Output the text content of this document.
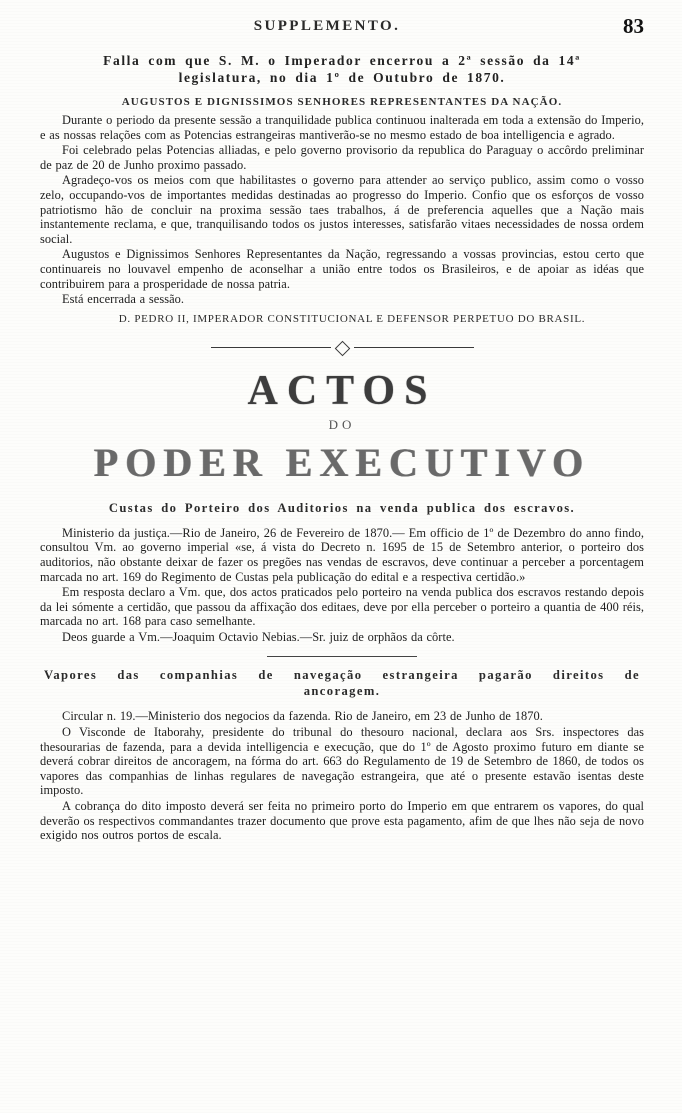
SUPPLEMENTO.	83
Falla com que S. M. o Imperador encerrou a 2ª sessão da 14ª
legislatura, no dia 1º de Outubro de 1870.
AUGUSTOS E DIGNISSIMOS SENHORES REPRESENTANTES DA NAÇÃO.

Durante o periodo da presente sessão a tranquilidade publica continuou inalterada em toda a extensão do Imperio, e as nossas relações com as Potencias estrangeiras mantiverão-se no mesmo estado de boa intelligencia e agrado.

Foi celebrado pelas Potencias alliadas, e pelo governo provisorio da republica do Paraguay o accôrdo preliminar de paz de 20 de Junho proximo passado.

Agradeço-vos os meios com que habilitastes o governo para attender ao serviço publico, assim como o vosso zelo, occupando-vos de importantes medidas destinadas ao progresso do Imperio. Confio que os esforços de vosso patriotismo hão de concluir na proxima sessão taes trabalhos, á de preferencia aquelles que a Nação mais instantemente reclama, e que, tranquilisando todos os justos interesses, satisfarão vitaes necessidades de nossa ordem social.

Augustos e Dignissimos Senhores Representantes da Nação, regressando a vossas provincias, estou certo que continuareis no louvavel empenho de aconselhar a união entre todos os Brasileiros, e de apoiar as idéas que contribuirem para a prosperidade de nossa patria.

Está encerrada a sessão.

D. PEDRO II, IMPERADOR CONSTITUCIONAL E DEFENSOR PERPETUO DO BRASIL.
ACTOS
DO
PODER EXECUTIVO
Custas do Porteiro dos Auditorios na venda publica dos escravos.

Ministerio da justiça.—Rio de Janeiro, 26 de Fevereiro de 1870.— Em officio de 1º de Dezembro do anno findo, consultou Vm. ao governo imperial «se, á vista do Decreto n. 1695 de 15 de Setembro anterior, o porteiro dos auditorios, não obstante deixar de fazer os pregões nas vendas de escravos, deve continuar a perceber a porcentagem marcada no art. 169 do Regimento de Custas pela publicação do edital e a respectiva certidão.»

Em resposta declaro a Vm. que, dos actos praticados pelo porteiro na venda publica dos escravos restando depois da lei sómente a certidão, que passou da affixação dos editaes, deve por ella perceber o porteiro a quantia de 400 réis, marcada no art. 168 para caso semelhante.

Deos guarde a Vm.—Joaquim Octavio Nebias.—Sr. juiz de orphãos da côrte.

Vapores das companhias de navegação estrangeira pagarão direitos de
ancoragem.

Circular n. 19.—Ministerio dos negocios da fazenda. Rio de Janeiro, em 23 de Junho de 1870.

O Visconde de Itaborahy, presidente do tribunal do thesouro nacional, declara aos Srs. inspectores das thesourarias de fazenda, para a devida intelligencia e execução, que do 1º de Agosto proximo futuro em diante se deverá cobrar direitos de ancoragem, na fórma do art. 663 do Regulamento de 19 de Setembro de 1860, de todos os vapores das companhias de linhas regulares de navegação estrangeira, que até o presente estavão isentas deste imposto.

A cobrança do dito imposto deverá ser feita no primeiro porto do Imperio em que entrarem os vapores, do qual deverão os respectivos commandantes trazer documento que prove esta pagamento, afim de que lhes não seja de novo exigido nos outros portos de escala.
